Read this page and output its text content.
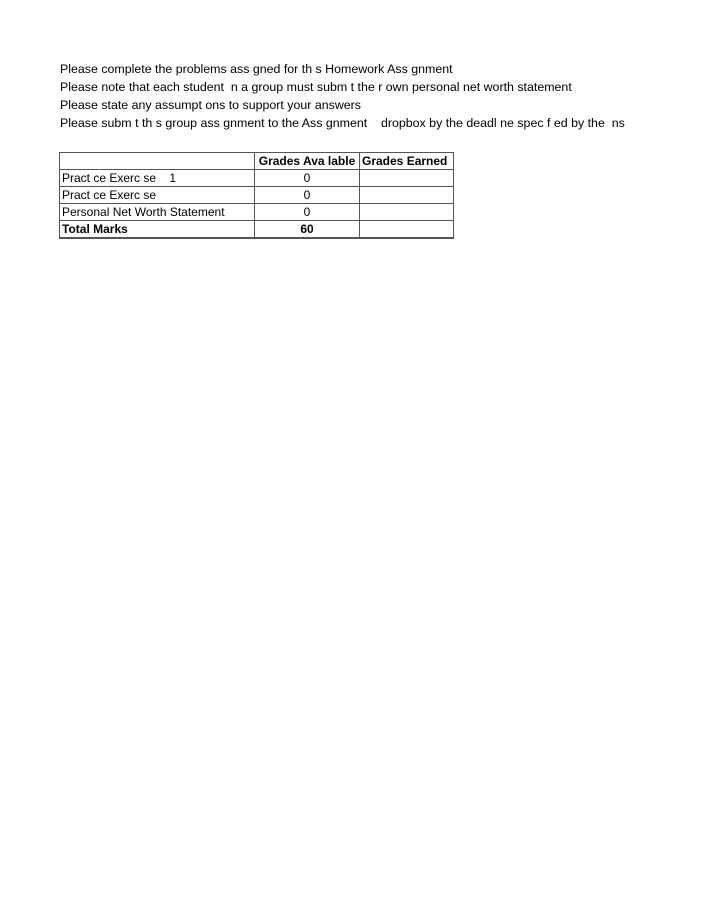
Please complete the problems ass gned for th s Homework Ass gnment
Please note that each student  n a group must subm t the r own personal net worth statement
Please state any assumpt ons to support your answers
Please subm t th s group ass gnment to the Ass gnment    dropbox by the deadl ne spec f ed by the  ns
	Grades Ava lable	Grades Earned
Pract ce Exerc se    1	0	
Pract ce Exerc se	0	
Personal Net Worth Statement	0	
Total Marks	60	
